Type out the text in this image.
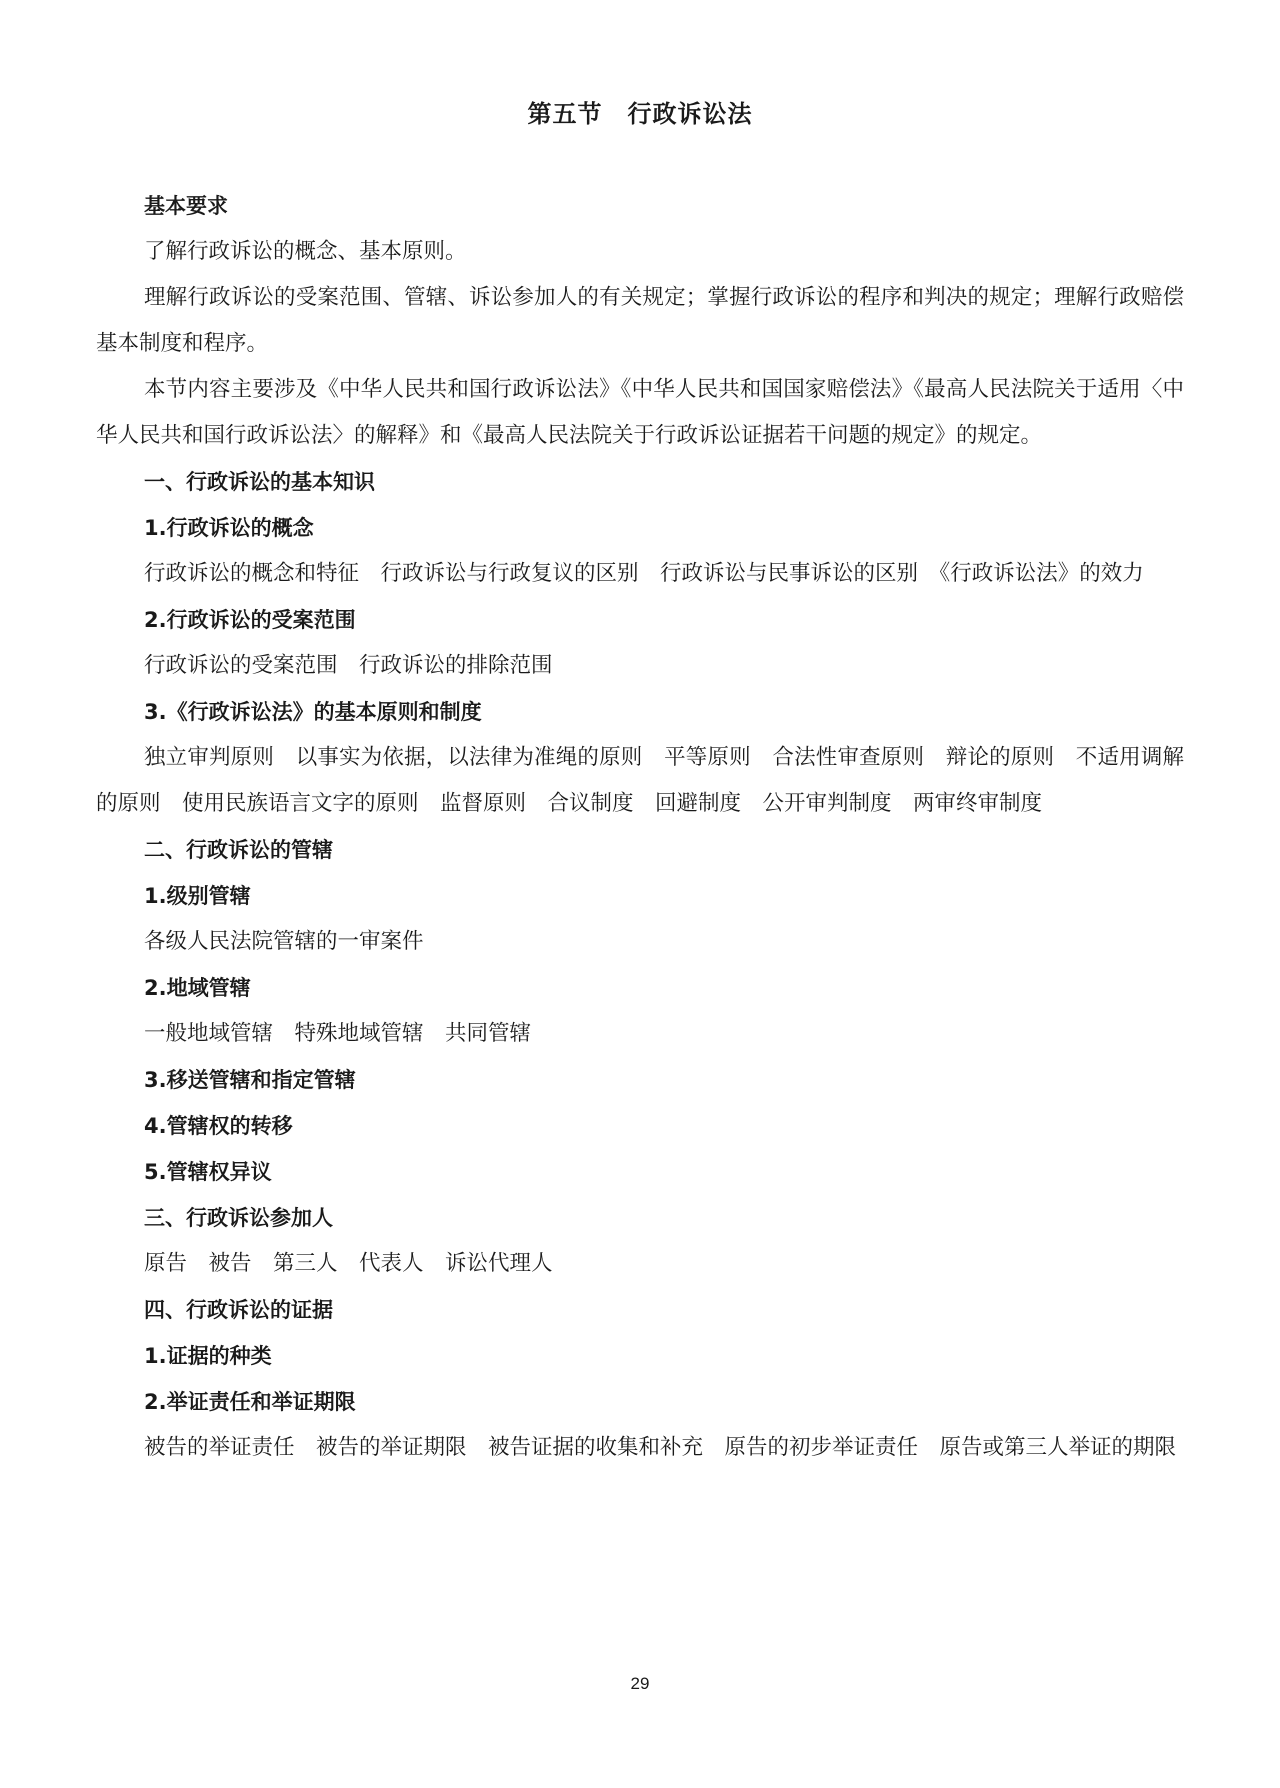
第五节　行政诉讼法
基本要求
了解行政诉讼的概念、基本原则。
理解行政诉讼的受案范围、管辖、诉讼参加人的有关规定；掌握行政诉讼的程序和判决的规定；理解行政赔偿基本制度和程序。
本节内容主要涉及《中华人民共和国行政诉讼法》《中华人民共和国国家赔偿法》《最高人民法院关于适用〈中华人民共和国行政诉讼法〉的解释》和《最高人民法院关于行政诉讼证据若干问题的规定》的规定。
一、行政诉讼的基本知识
1.行政诉讼的概念
行政诉讼的概念和特征　行政诉讼与行政复议的区别　行政诉讼与民事诉讼的区别　《行政诉讼法》的效力
2.行政诉讼的受案范围
行政诉讼的受案范围　行政诉讼的排除范围
3.《行政诉讼法》的基本原则和制度
独立审判原则　以事实为依据，以法律为准绳的原则　平等原则　合法性审查原则　辩论的原则　不适用调解的原则　使用民族语言文字的原则　监督原则　合议制度　回避制度　公开审判制度　两审终审制度
二、行政诉讼的管辖
1.级别管辖
各级人民法院管辖的一审案件
2.地域管辖
一般地域管辖　特殊地域管辖　共同管辖
3.移送管辖和指定管辖
4.管辖权的转移
5.管辖权异议
三、行政诉讼参加人
原告　被告　第三人　代表人　诉讼代理人
四、行政诉讼的证据
1.证据的种类
2.举证责任和举证期限
被告的举证责任　被告的举证期限　被告证据的收集和补充　原告的初步举证责任　原告或第三人举证的期限
29
